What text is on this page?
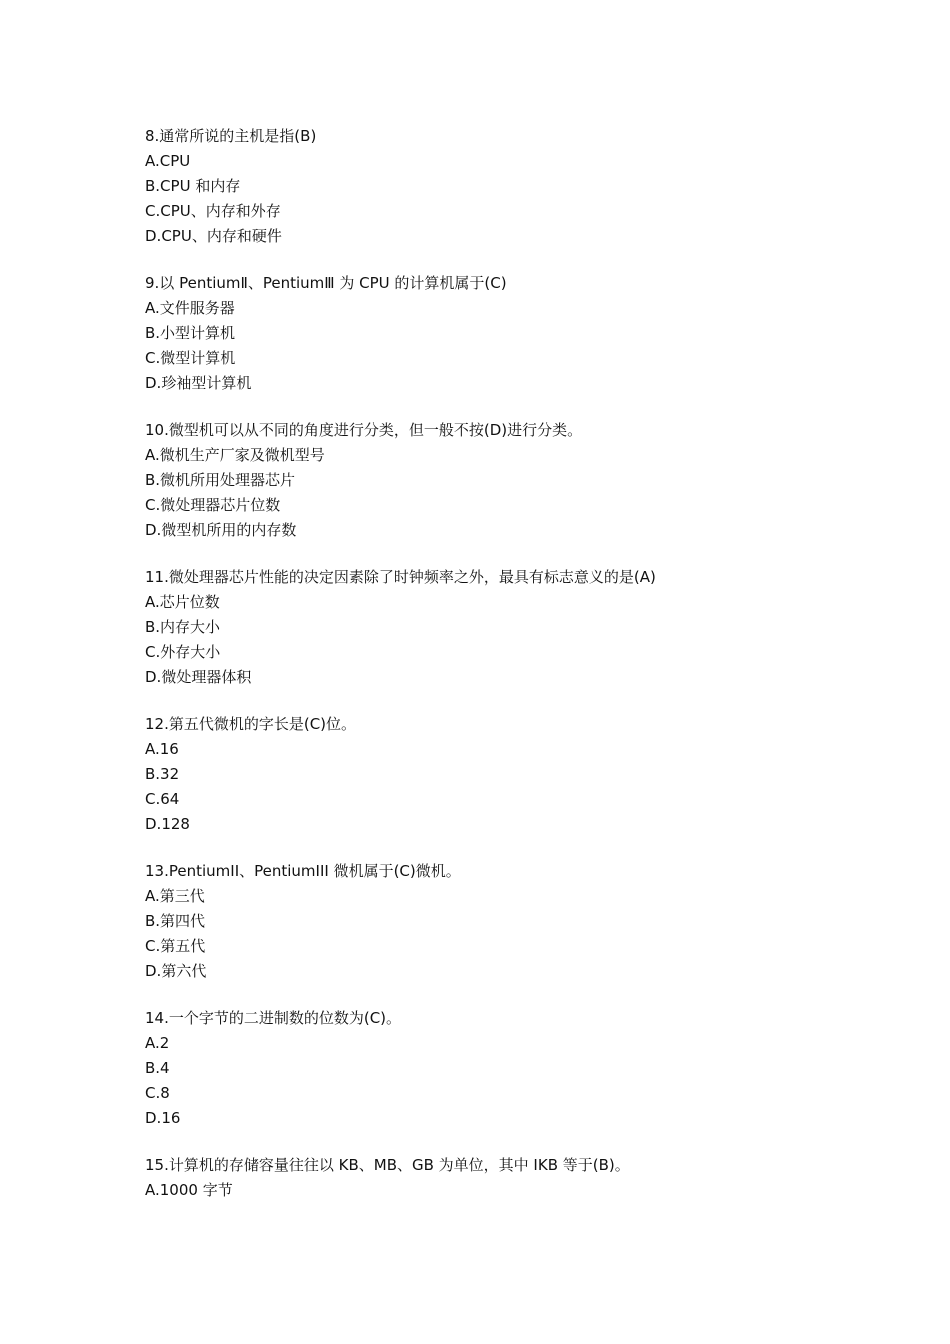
8.通常所说的主机是指(B)
A.CPU
B.CPU 和内存
C.CPU、内存和外存
D.CPU、内存和硬件
9.以 PentiumⅡ、PentiumⅢ 为 CPU 的计算机属于(C)
A.文件服务器
B.小型计算机
C.微型计算机
D.珍袖型计算机
10.微型机可以从不同的角度进行分类，但一般不按(D)进行分类。
A.微机生产厂家及微机型号
B.微机所用处理器芯片
C.微处理器芯片位数
D.微型机所用的内存数
11.微处理器芯片性能的决定因素除了时钟频率之外，最具有标志意义的是(A)
A.芯片位数
B.内存大小
C.外存大小
D.微处理器体积
12.第五代微机的字长是(C)位。
A.16
B.32
C.64
D.128
13.PentiumII、PentiumIII 微机属于(C)微机。
A.第三代
B.第四代
C.第五代
D.第六代
14.一个字节的二进制数的位数为(C)。
A.2
B.4
C.8
D.16
15.计算机的存储容量往往以 KB、MB、GB 为单位，其中 IKB 等于(B)。
A.1000 字节
